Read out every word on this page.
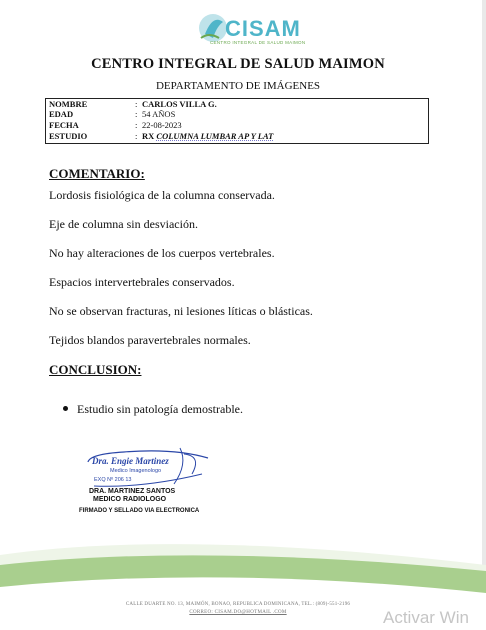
CISAM
CENTRO INTEGRAL DE SALUD MAIMON
CENTRO INTEGRAL DE SALUD MAIMON
DEPARTAMENTO DE IMÁGENES
NOMBRE	: CARLOS VILLA G.
EDAD	: 54 AÑOS
FECHA	: 22-08-2023
ESTUDIO	: RX COLUMNA LUMBAR AP Y LAT
COMENTARIO:
Lordosis fisiológica de la columna conservada.
Eje de columna sin desviación.
No hay alteraciones de los cuerpos vertebrales.
Espacios intervertebrales conservados.
No se observan fracturas, ni lesiones líticas o blásticas.
Tejidos blandos paravertebrales normales.
CONCLUSION:
Estudio sin patología demostrable.
Dra. Engie Martinez
Medico Imagenologo
EXQ Nº 206 13
DRA. MARTINEZ SANTOS
MEDICO RADIOLOGO
FIRMADO Y SELLADO VIA ELECTRONICA
CALLE DUARTE NO. 13, MAIMÓN, BONAO, REPUBLICA DOMINICANA, TEL.: (809)-551-2196
CORREO: CISAM.DO@HOTMAIL .COM	Activar Win
